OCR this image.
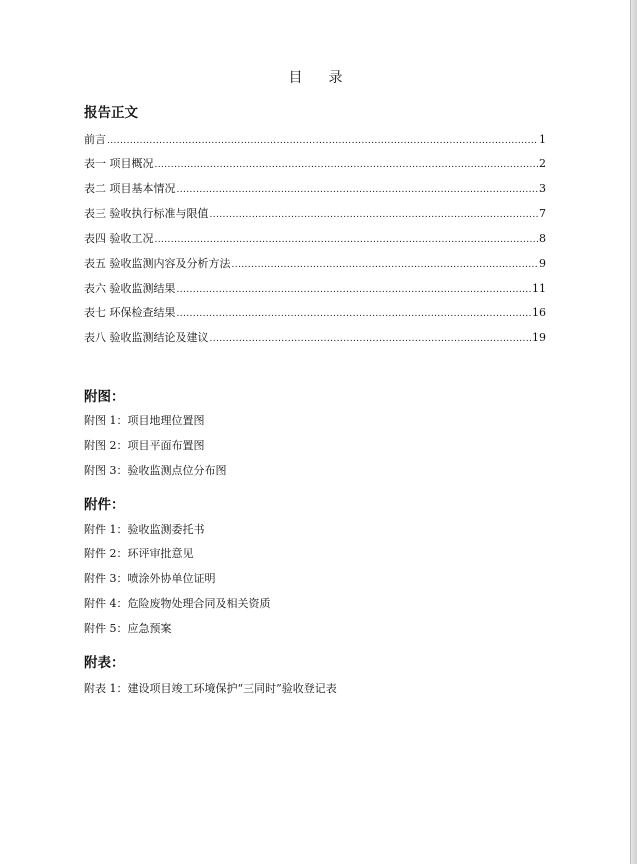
目 录
报告正文
前言 .....	1
表一 项目概况 .....	2
表二 项目基本情况 .....	3
表三 验收执行标准与限值 .....	7
表四 验收工况 .....	8
表五 验收监测内容及分析方法 .....	9
表六 验收监测结果 .....	11
表七 环保检查结果 .....	16
表八 验收监测结论及建议 .....	19
附图：
附图 1：项目地理位置图
附图 2：项目平面布置图
附图 3：验收监测点位分布图
附件：
附件 1：验收监测委托书
附件 2：环评审批意见
附件 3：喷涂外协单位证明
附件 4：危险废物处理合同及相关资质
附件 5：应急预案
附表：
附表 1：建设项目竣工环境保护“三同时”验收登记表
